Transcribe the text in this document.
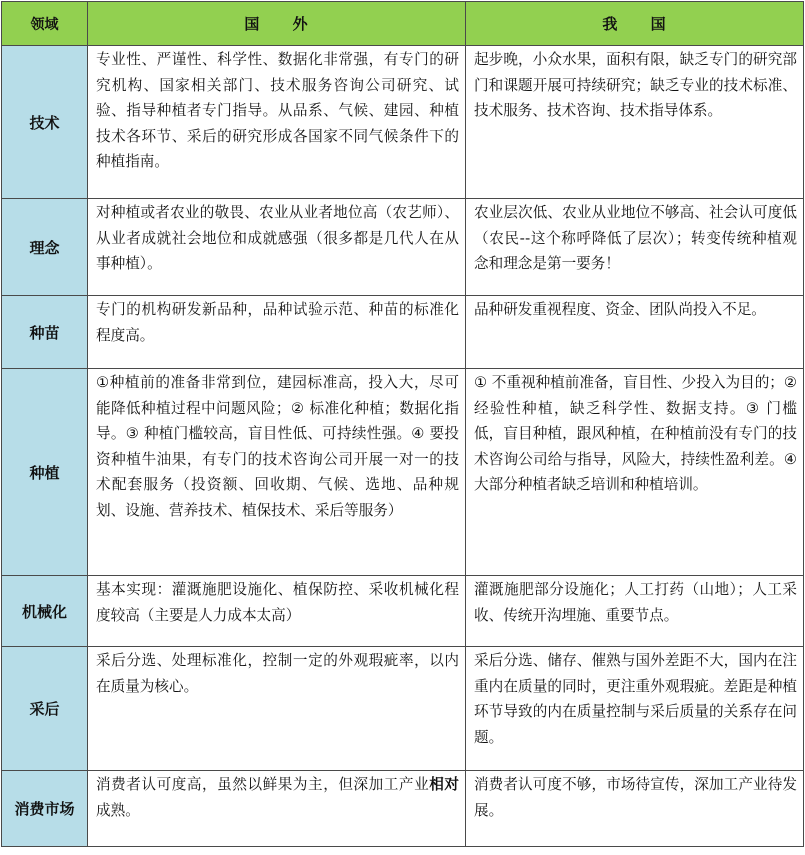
领域	国 外	我 国
技术	专业性、严谨性、科学性、数据化非常强，有专门的研究机构、国家相关部门、技术服务咨询公司研究、试验、指导种植者专门指导。从品系、气候、建园、种植技术各环节、采后的研究形成各国家不同气候条件下的种植指南。	起步晚，小众水果，面积有限，缺乏专门的研究部门和课题开展可持续研究；缺乏专业的技术标准、技术服务、技术咨询、技术指导体系。
理念	对种植或者农业的敬畏、农业从业者地位高（农艺师）、从业者成就社会地位和成就感强（很多都是几代人在从事种植）。	农业层次低、农业从业地位不够高、社会认可度低（农民--这个称呼降低了层次）；转变传统种植观念和理念是第一要务！
种苗	专门的机构研发新品种，品种试验示范、种苗的标准化程度高。	品种研发重视程度、资金、团队尚投入不足。
种植	①种植前的准备非常到位，建园标准高，投入大，尽可能降低种植过程中问题风险；② 标准化种植；数据化指导。③ 种植门槛较高，盲目性低、可持续性强。④ 要投资种植牛油果，有专门的技术咨询公司开展一对一的技术配套服务（投资额、回收期、气候、选地、品种规划、设施、营养技术、植保技术、采后等服务）	① 不重视种植前准备，盲目性、少投入为目的；②经验性种植，缺乏科学性、数据支持。③ 门槛低，盲目种植，跟风种植，在种植前没有专门的技术咨询公司给与指导，风险大，持续性盈利差。④ 大部分种植者缺乏培训和种植培训。
机械化	基本实现：灌溉施肥设施化、植保防控、采收机械化程度较高（主要是人力成本太高）	灌溉施肥部分设施化；人工打药（山地）；人工采收、传统开沟埋施、重要节点。
采后	采后分选、处理标准化，控制一定的外观瑕疵率，以内在质量为核心。	采后分选、储存、催熟与国外差距不大，国内在注重内在质量的同时，更注重外观瑕疵。差距是种植环节导致的内在质量控制与采后质量的关系存在问题。
消费市场	消费者认可度高，虽然以鲜果为主，但深加工产业相对成熟。	消费者认可度不够，市场待宣传，深加工产业待发展。
